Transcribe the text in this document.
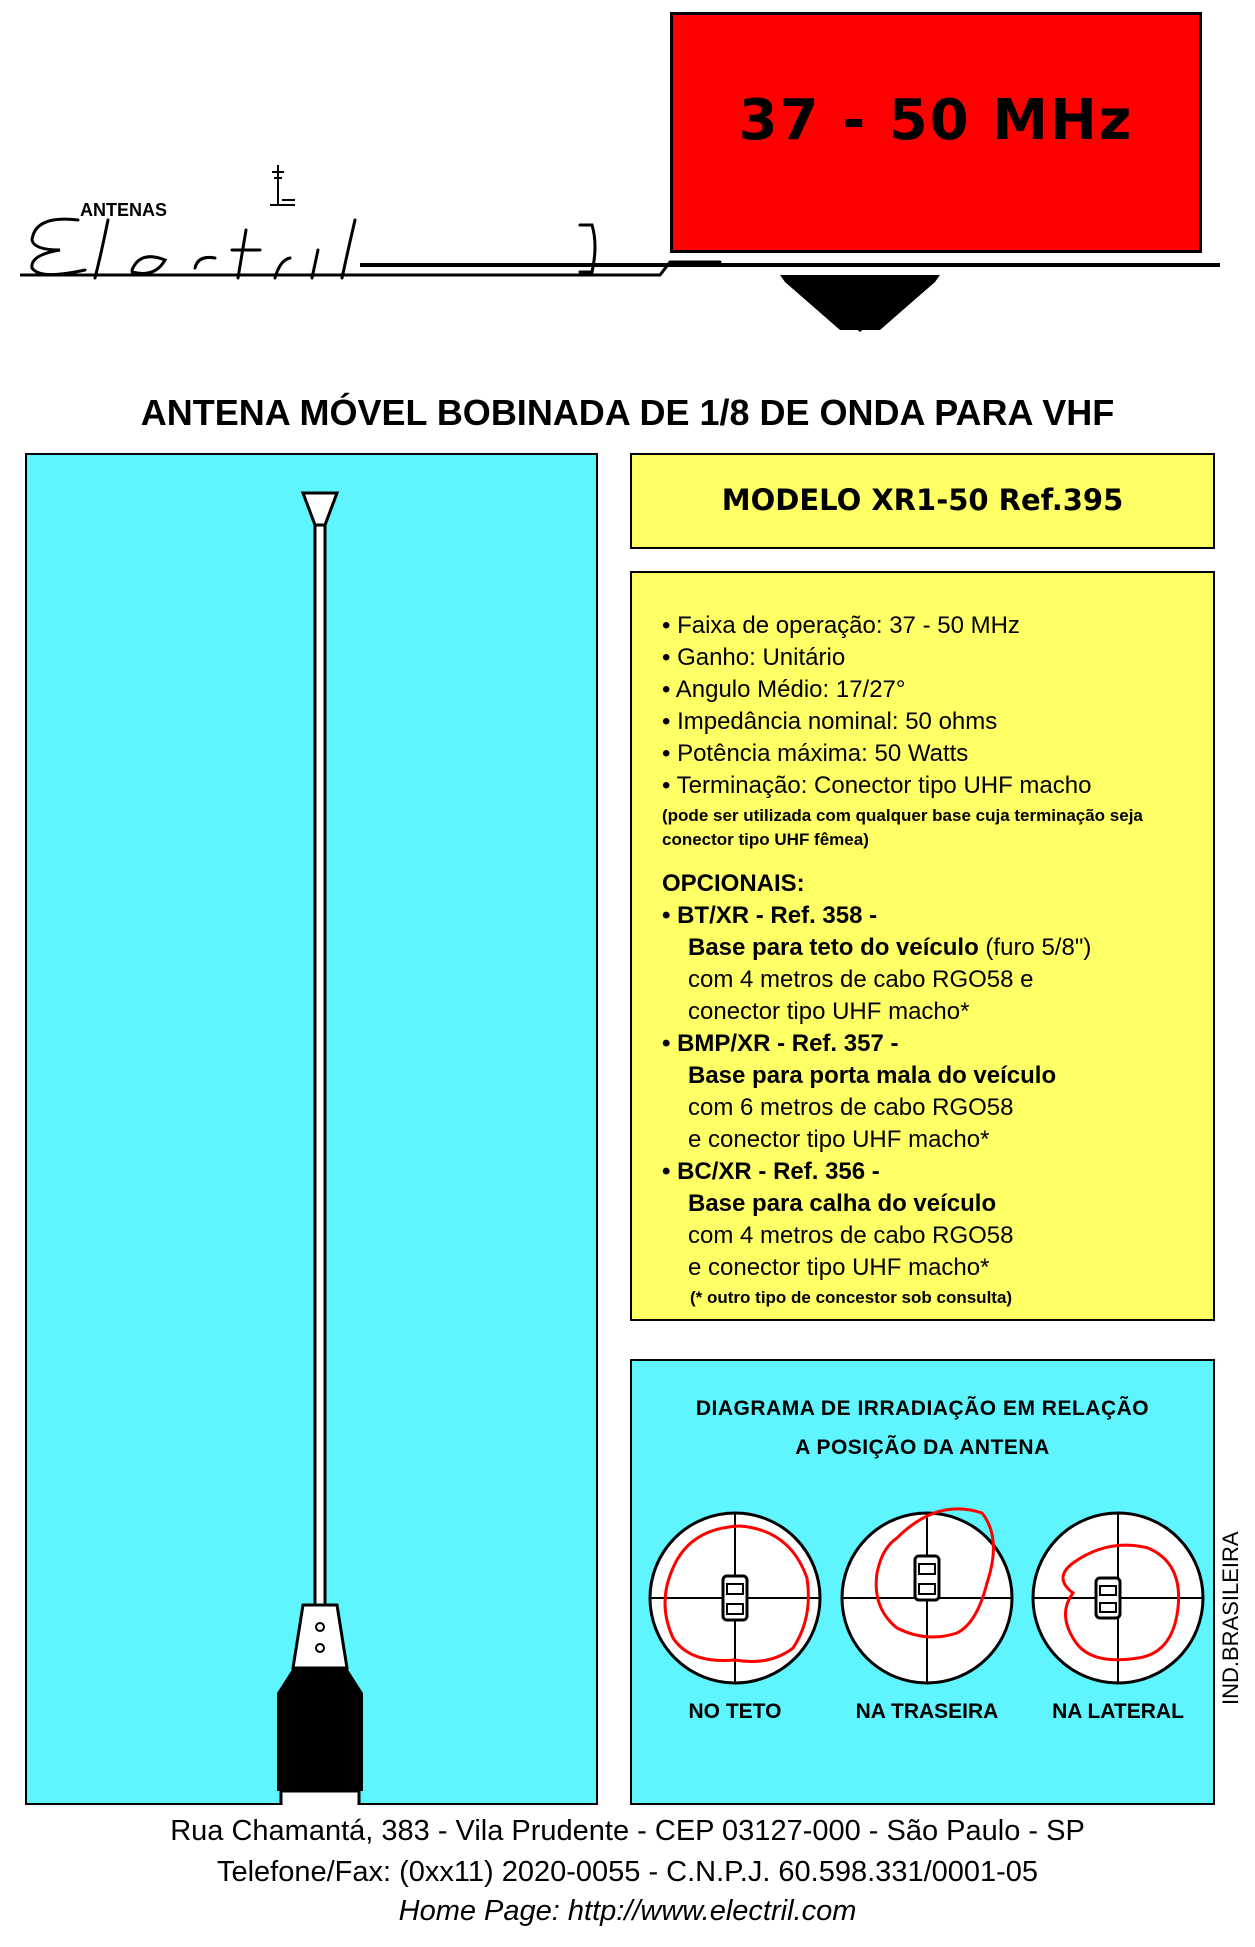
37 - 50 MHz
ANTENAS
ANTENA MÓVEL BOBINADA DE 1/8 DE ONDA PARA VHF
XR 1
MODELO XR1-50 Ref.395
• Faixa de operação: 37 - 50 MHz
• Ganho: Unitário
• Angulo Médio: 17/27°
• Impedância nominal: 50 ohms
• Potência máxima: 50 Watts
• Terminação: Conector tipo UHF macho
(pode ser utilizada com qualquer base cuja terminação seja
conector tipo UHF fêmea)
OPCIONAIS:
• BT/XR - Ref. 358 -
Base para teto do veículo (furo 5/8")
com 4 metros de cabo RGO58 e
conector tipo UHF macho*
• BMP/XR - Ref. 357 -
Base para porta mala do veículo
com 6 metros de cabo RGO58
e conector tipo UHF macho*
• BC/XR - Ref. 356 -
Base para calha do veículo
com 4 metros de cabo RGO58
e conector tipo UHF macho*
(* outro tipo de concestor sob consulta)
DIAGRAMA DE IRRADIAÇÃO EM RELAÇÃO
A POSIÇÃO DA ANTENA
NO TETO	NA TRASEIRA	NA LATERAL
IND.BRASILEIRA
Rua Chamantá, 383 - Vila Prudente - CEP 03127-000 - São Paulo - SP
Telefone/Fax: (0xx11) 2020-0055 - C.N.P.J. 60.598.331/0001-05
Home Page: http://www.electril.com
